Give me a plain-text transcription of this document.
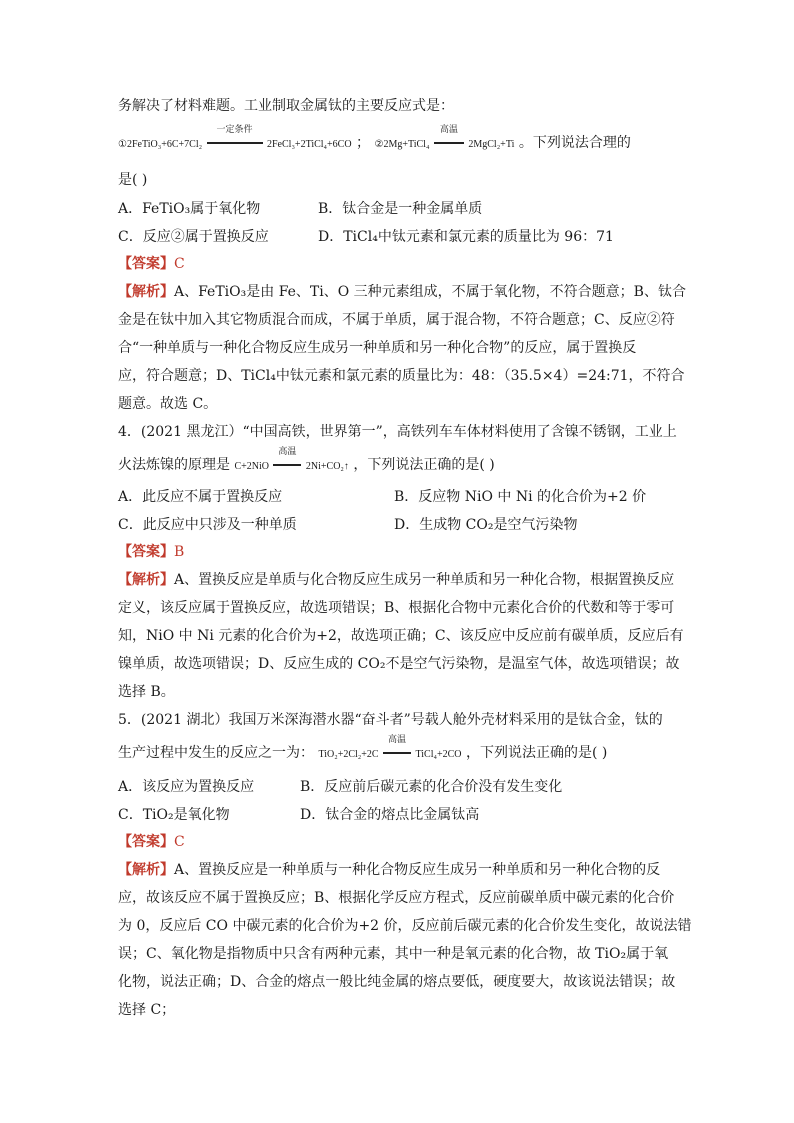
务解决了材料难题。工业制取金属钛的主要反应式是：
①2FeTiO₃+6C+7Cl₂
一定条件
2FeCl₃+2TiCl₄+6CO ； ②2Mg+TiCl₄
高温
2MgCl₂+Ti 。下列说法合理的
是( )
A．FeTiO₃属于氧化物	B．钛合金是一种金属单质
C．反应②属于置换反应	D．TiCl₄中钛元素和氯元素的质量比为 96：71
【答案】C
【解析】A、FeTiO₃是由 Fe、Ti、O 三种元素组成，不属于氧化物，不符合题意；B、钛合
金是在钛中加入其它物质混合而成，不属于单质，属于混合物，不符合题意；C、反应②符
合“一种单质与一种化合物反应生成另一种单质和另一种化合物”的反应，属于置换反
应，符合题意；D、TiCl₄中钛元素和氯元素的质量比为：48：（35.5×4）=24:71，不符合
题意。故选 C。
4．(2021 黑龙江）“中国高铁，世界第一”，高铁列车车体材料使用了含镍不锈钢，工业上
火法炼镍的原理是 C+2NiO
高温
2Ni+CO₂↑ ，下列说法正确的是( )
A．此反应不属于置换反应	B．反应物 NiO 中 Ni 的化合价为+2 价
C．此反应中只涉及一种单质	D．生成物 CO₂是空气污染物
【答案】B
【解析】A、置换反应是单质与化合物反应生成另一种单质和另一种化合物，根据置换反应
定义，该反应属于置换反应，故选项错误；B、根据化合物中元素化合价的代数和等于零可
知，NiO 中 Ni 元素的化合价为+2，故选项正确；C、该反应中反应前有碳单质，反应后有
镍单质，故选项错误；D、反应生成的 CO₂不是空气污染物，是温室气体，故选项错误；故
选择 B。
5．(2021 湖北）我国万米深海潜水器“奋斗者”号载人舱外壳材料采用的是钛合金，钛的
生产过程中发生的反应之一为： TiO₂+2Cl₂+2C
高温
TiCl₄+2CO ，下列说法正确的是( )
A．该反应为置换反应	B．反应前后碳元素的化合价没有发生变化
C．TiO₂是氧化物	D．钛合金的熔点比金属钛高
【答案】C
【解析】A、置换反应是一种单质与一种化合物反应生成另一种单质和另一种化合物的反
应，故该反应不属于置换反应；B、根据化学反应方程式，反应前碳单质中碳元素的化合价
为 0，反应后 CO 中碳元素的化合价为+2 价，反应前后碳元素的化合价发生变化，故说法错
误；C、氧化物是指物质中只含有两种元素，其中一种是氧元素的化合物，故 TiO₂属于氧
化物，说法正确；D、合金的熔点一般比纯金属的熔点要低，硬度要大，故该说法错误；故
选择 C；
